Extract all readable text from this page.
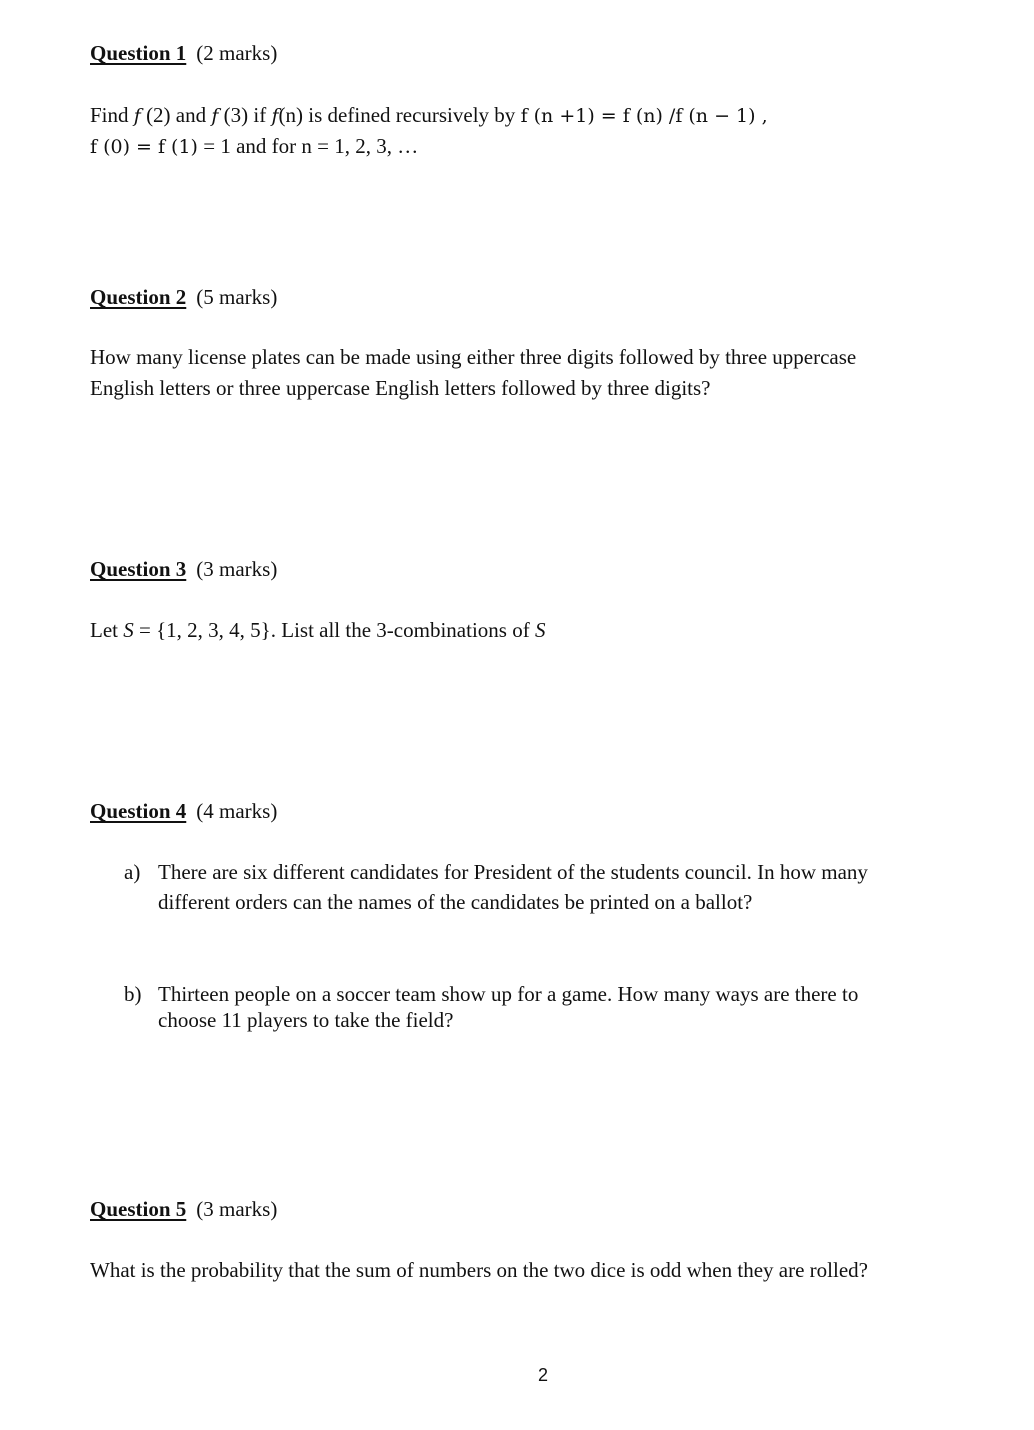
Question 1 (2 marks)
Find f (2) and f (3) if f(n) is defined recursively by f (n +1) = f (n) /f (n − 1) ,
f (0) = f (1) = 1 and for n = 1, 2, 3, …
Question 2 (5 marks)
How many license plates can be made using either three digits followed by three uppercase
English letters or three uppercase English letters followed by three digits?
Question 3 (3 marks)
Let S = {1, 2, 3, 4, 5}. List all the 3-combinations of S
Question 4 (4 marks)
a) There are six different candidates for President of the students council. In how many
different orders can the names of the candidates be printed on a ballot?
b) Thirteen people on a soccer team show up for a game. How many ways are there to
choose 11 players to take the field?
Question 5 (3 marks)
What is the probability that the sum of numbers on the two dice is odd when they are rolled?
2
